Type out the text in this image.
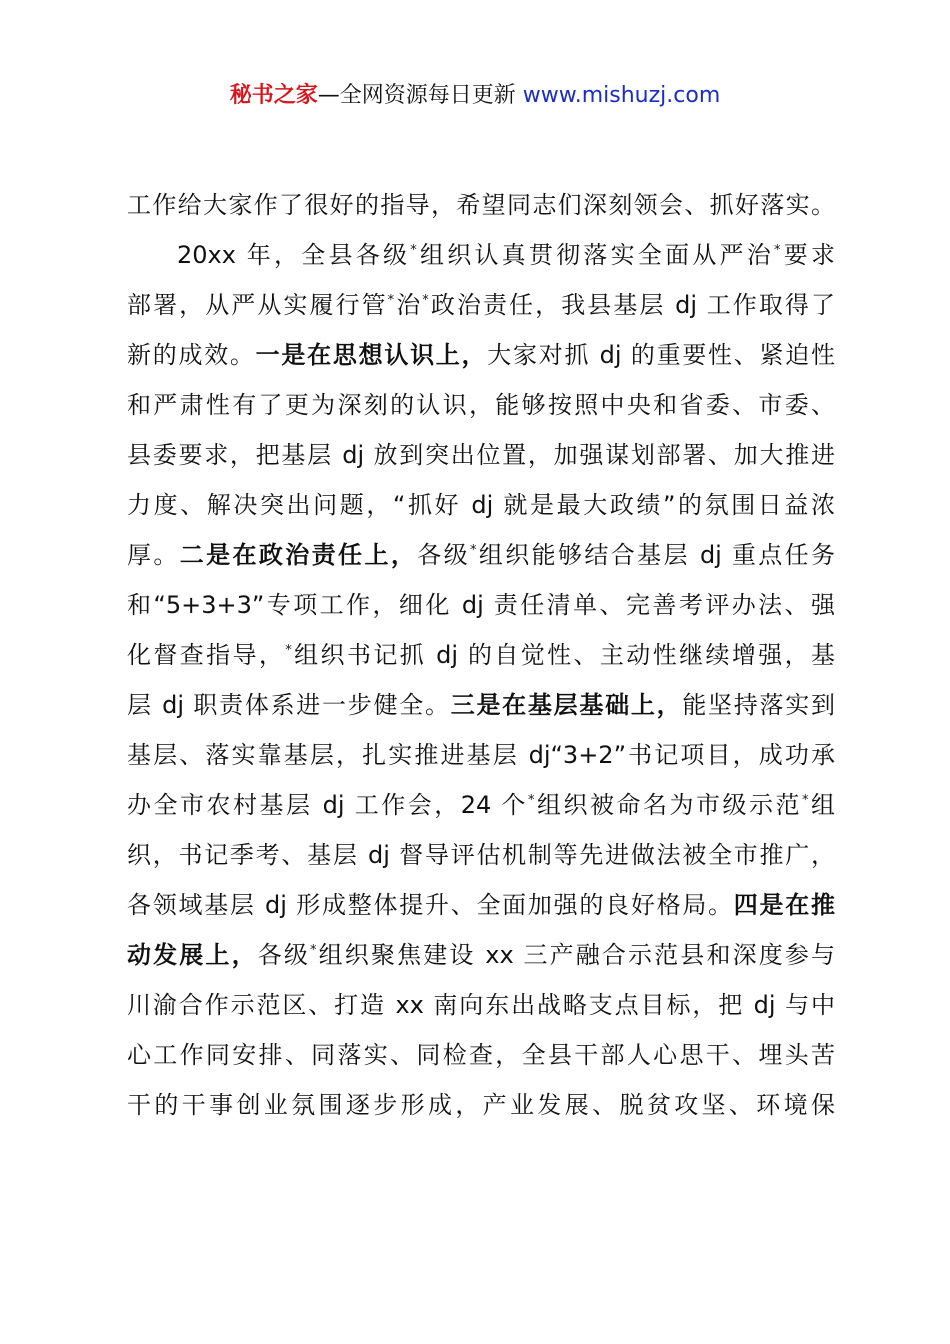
秘书之家—全网资源每日更新 www.mishuzj.com
工作给大家作了很好的指导，希望同志们深刻领会、抓好落实。
20xx 年，全县各级*组织认真贯彻落实全面从严治*要求
部署，从严从实履行管*治*政治责任，我县基层 dj 工作取得了
新的成效。一是在思想认识上，大家对抓 dj 的重要性、紧迫性
和严肃性有了更为深刻的认识，能够按照中央和省委、市委、
县委要求，把基层 dj 放到突出位置，加强谋划部署、加大推进
力度、解决突出问题，“抓好 dj 就是最大政绩”的氛围日益浓
厚。二是在政治责任上，各级*组织能够结合基层 dj 重点任务
和“5+3+3”专项工作，细化 dj 责任清单、完善考评办法、强
化督查指导，*组织书记抓 dj 的自觉性、主动性继续增强，基
层 dj 职责体系进一步健全。三是在基层基础上，能坚持落实到
基层、落实靠基层，扎实推进基层 dj“3+2”书记项目，成功承
办全市农村基层 dj 工作会，24 个*组织被命名为市级示范*组
织，书记季考、基层 dj 督导评估机制等先进做法被全市推广，
各领域基层 dj 形成整体提升、全面加强的良好格局。四是在推
动发展上，各级*组织聚焦建设 xx 三产融合示范县和深度参与
川渝合作示范区、打造 xx 南向东出战略支点目标，把 dj 与中
心工作同安排、同落实、同检查，全县干部人心思干、埋头苦
干的干事创业氛围逐步形成，产业发展、脱贫攻坚、环境保
